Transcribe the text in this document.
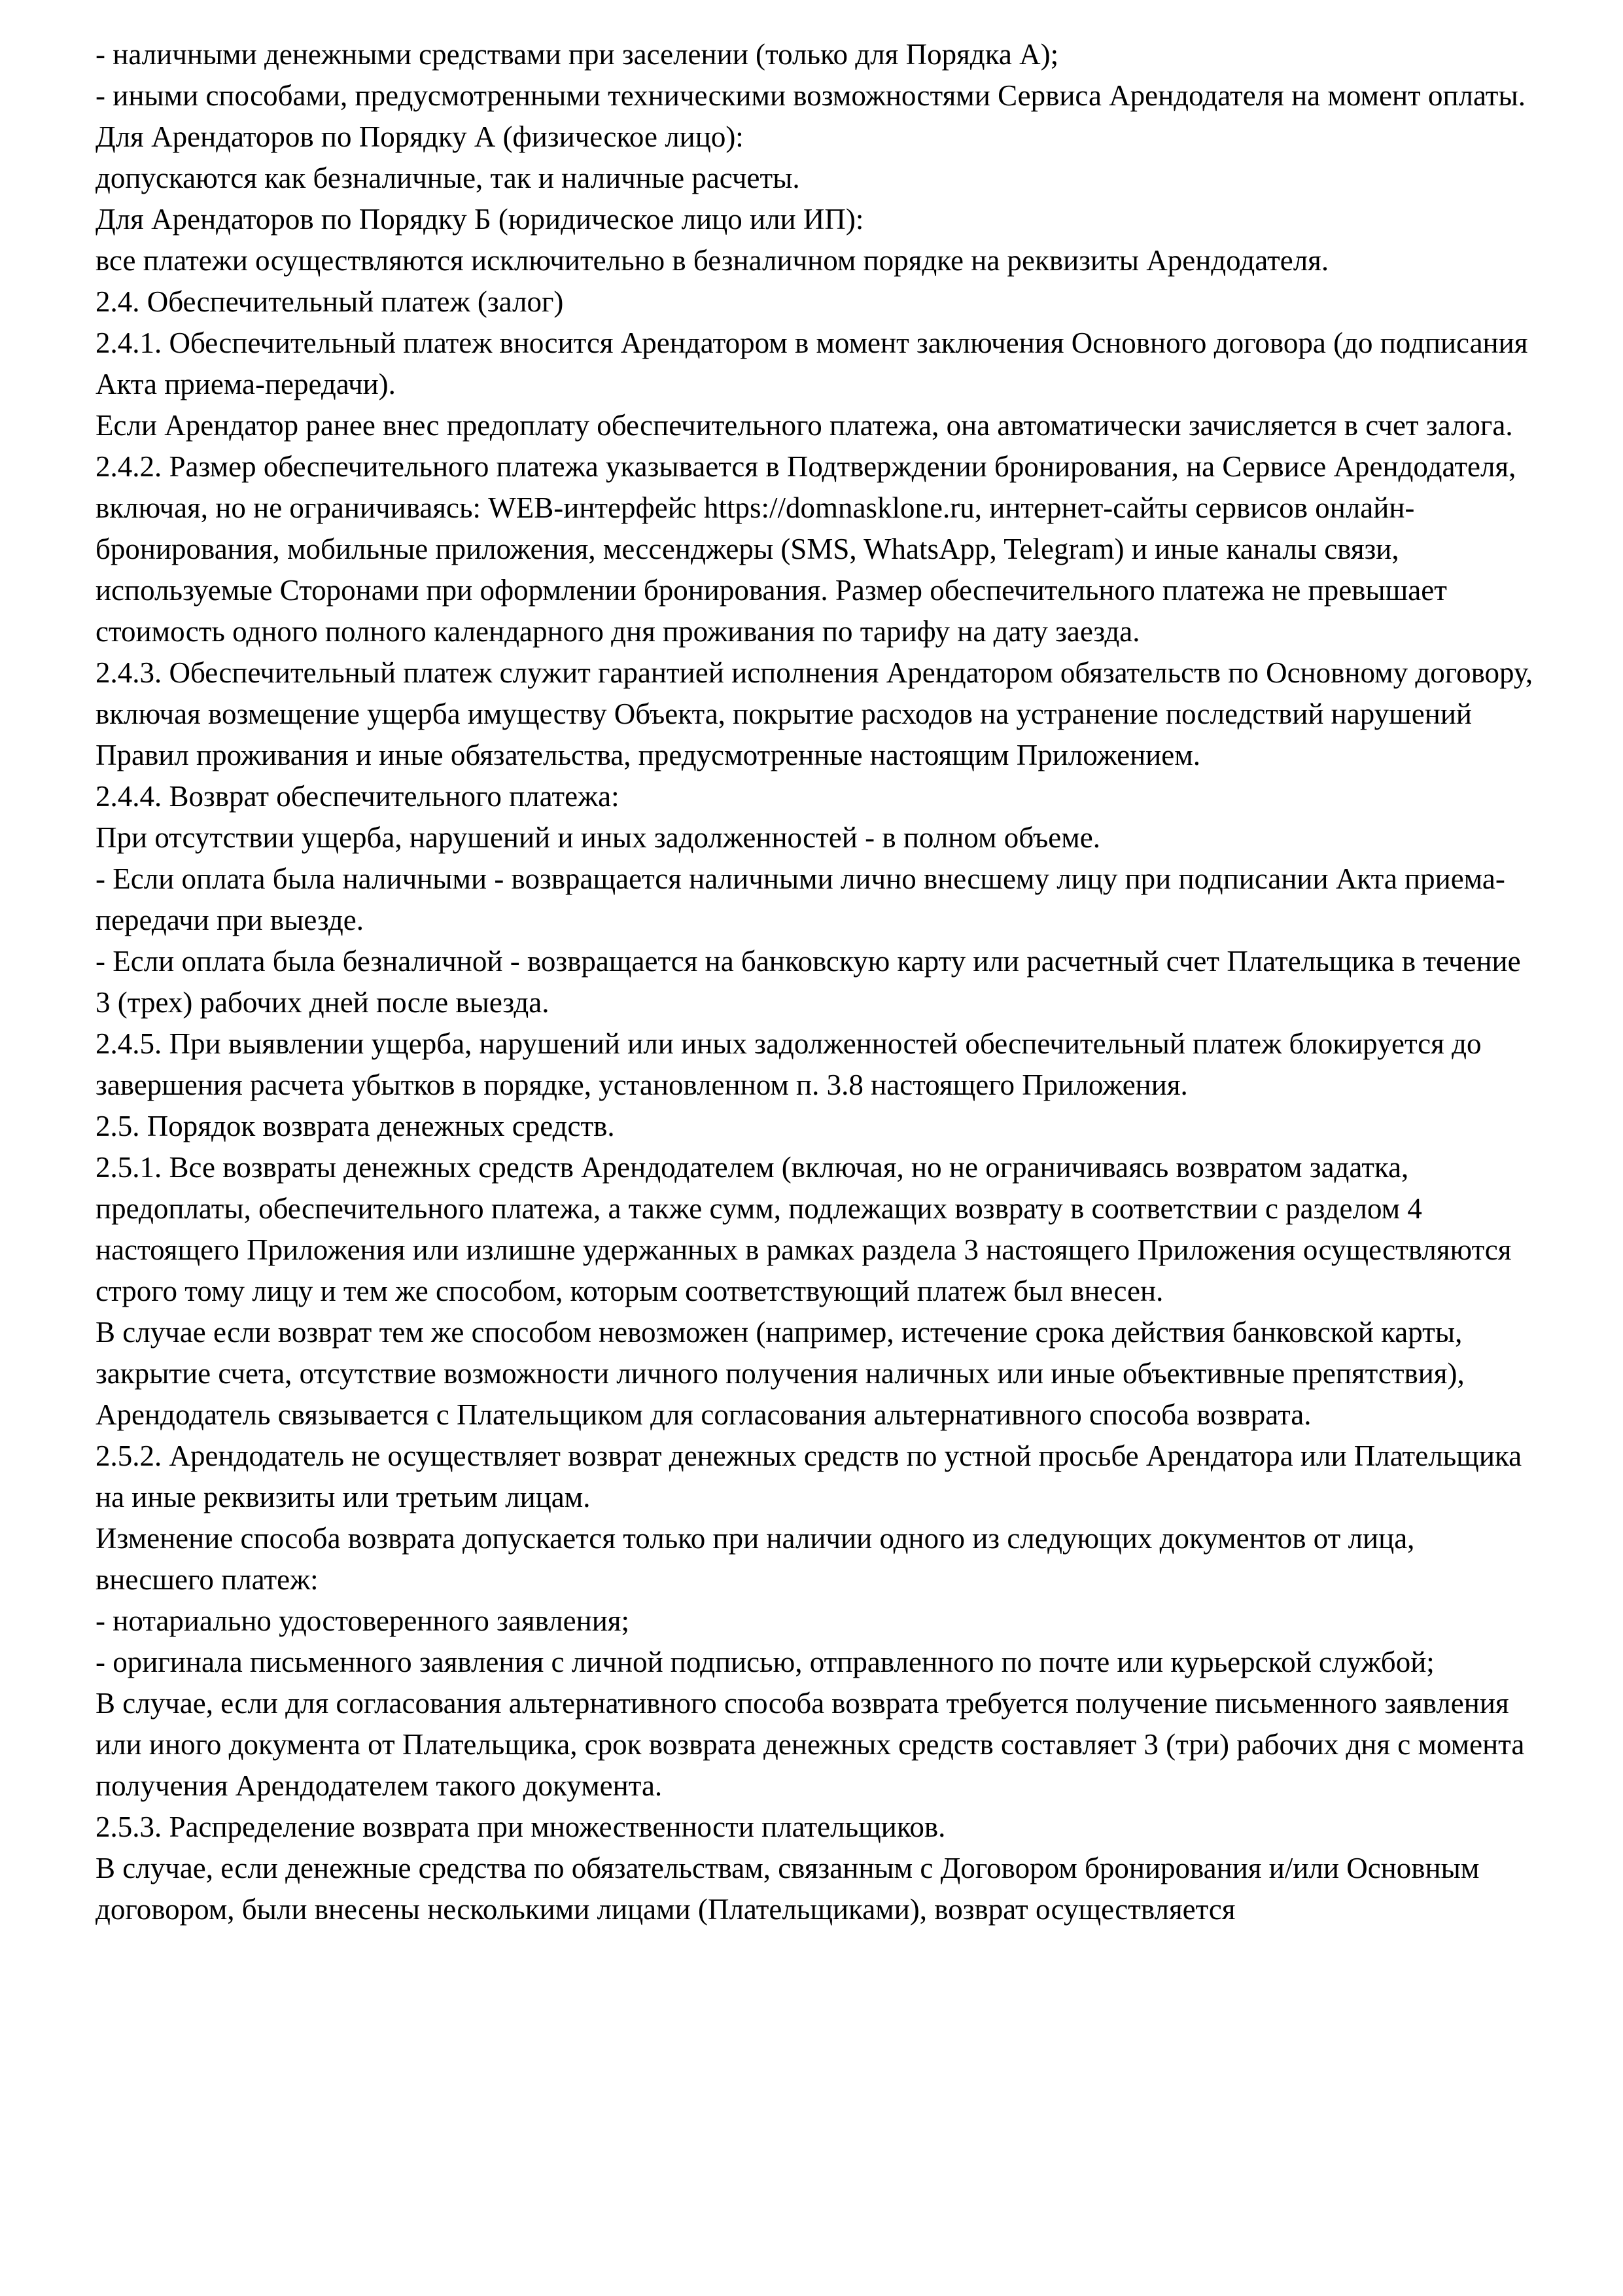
- наличными денежными средствами при заселении (только для Порядка А);

- иными способами, предусмотренными техническими возможностями Сервиса Арендодателя на момент оплаты.

Для Арендаторов по Порядку А (физическое лицо):

допускаются как безналичные, так и наличные расчеты.

Для Арендаторов по Порядку Б (юридическое лицо или ИП):

все платежи осуществляются исключительно в безналичном порядке на реквизиты Арендодателя.

2.4. Обеспечительный платеж (залог)

2.4.1. Обеспечительный платеж вносится Арендатором в момент заключения Основного договора (до подписания Акта приема-передачи).

Если Арендатор ранее внес предоплату обеспечительного платежа, она автоматически зачисляется в счет залога.

2.4.2. Размер обеспечительного платежа указывается в Подтверждении бронирования, на Сервисе Арендодателя, включая, но не ограничиваясь: WEB-интерфейс https://domnasklone.ru, интернет-сайты сервисов онлайн-бронирования, мобильные приложения, мессенджеры (SMS, WhatsApp, Telegram) и иные каналы связи, используемые Сторонами при оформлении бронирования. Размер обеспечительного платежа не превышает стоимость одного полного календарного дня проживания по тарифу на дату заезда.

2.4.3. Обеспечительный платеж служит гарантией исполнения Арендатором обязательств по Основному договору, включая возмещение ущерба имуществу Объекта, покрытие расходов на устранение последствий нарушений Правил проживания и иные обязательства, предусмотренные настоящим Приложением.

2.4.4. Возврат обеспечительного платежа:

При отсутствии ущерба, нарушений и иных задолженностей - в полном объеме.

- Если оплата была наличными - возвращается наличными лично внесшему лицу при подписании Акта приема-передачи при выезде.

- Если оплата была безналичной - возвращается на банковскую карту или расчетный счет Плательщика в течение 3 (трех) рабочих дней после выезда.

2.4.5. При выявлении ущерба, нарушений или иных задолженностей обеспечительный платеж блокируется до завершения расчета убытков в порядке, установленном п. 3.8 настоящего Приложения.

2.5. Порядок возврата денежных средств.

2.5.1. Все возвраты денежных средств Арендодателем (включая, но не ограничиваясь возвратом задатка, предоплаты, обеспечительного платежа, а также сумм, подлежащих возврату в соответствии с разделом 4 настоящего Приложения или излишне удержанных в рамках раздела 3 настоящего Приложения осуществляются строго тому лицу и тем же способом, которым соответствующий платеж был внесен.

В случае если возврат тем же способом невозможен (например, истечение срока действия банковской карты, закрытие счета, отсутствие возможности личного получения наличных или иные объективные препятствия), Арендодатель связывается с Плательщиком для согласования альтернативного способа возврата.

2.5.2. Арендодатель не осуществляет возврат денежных средств по устной просьбе Арендатора или Плательщика на иные реквизиты или третьим лицам.

Изменение способа возврата допускается только при наличии одного из следующих документов от лица, внесшего платеж:

- нотариально удостоверенного заявления;

- оригинала письменного заявления с личной подписью, отправленного по почте или курьерской службой;

В случае, если для согласования альтернативного способа возврата требуется получение письменного заявления или иного документа от Плательщика, срок возврата денежных средств составляет 3 (три) рабочих дня с момента получения Арендодателем такого документа.

2.5.3. Распределение возврата при множественности плательщиков.

В случае, если денежные средства по обязательствам, связанным с Договором бронирования и/или Основным договором, были внесены несколькими лицами (Плательщиками), возврат осуществляется
